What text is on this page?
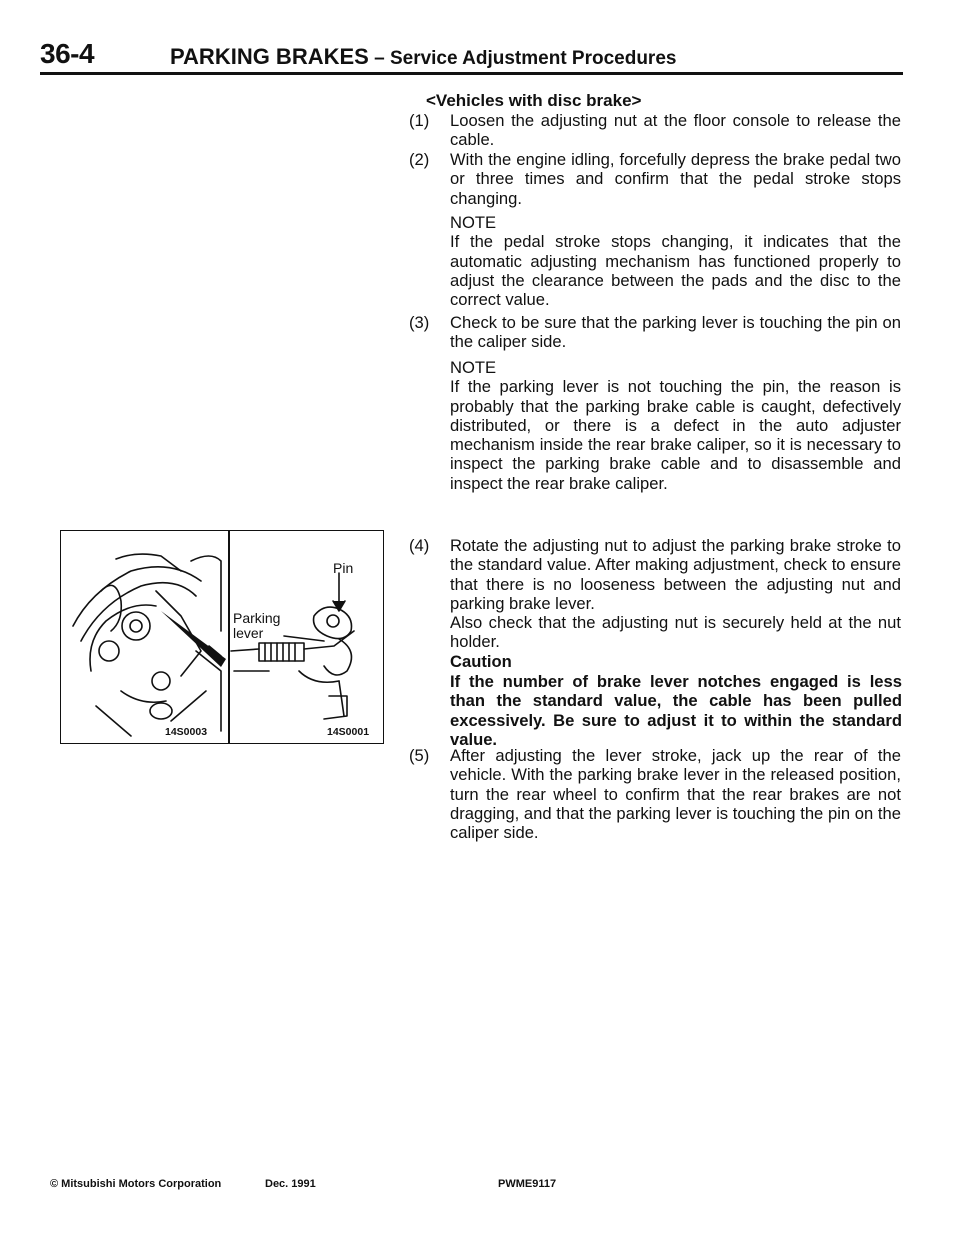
36-4	PARKING BRAKES – Service Adjustment Procedures
<Vehicles with disc brake>
(1) Loosen the adjusting nut at the floor console to release the cable.
(2) With the engine idling, forcefully depress the brake pedal two or three times and confirm that the pedal stroke stops changing.
NOTE
If the pedal stroke stops changing, it indicates that the automatic adjusting mechanism has functioned properly to adjust the clearance between the pads and the disc to the correct value.
(3) Check to be sure that the parking lever is touching the pin on the caliper side.
NOTE
If the parking lever is not touching the pin, the reason is probably that the parking brake cable is caught, defectively distributed, or there is a defect in the auto adjuster mechanism inside the rear brake caliper, so it is necessary to inspect the parking brake cable and to disassemble and inspect the rear brake caliper.
(4) Rotate the adjusting nut to adjust the parking brake stroke to the standard value. After making adjustment, check to ensure that there is no looseness between the adjusting nut and parking brake lever.
Also check that the adjusting nut is securely held at the nut holder.
Caution
If the number of brake lever notches engaged is less than the standard value, the cable has been pulled excessively. Be sure to adjust it to within the standard value.
(5) After adjusting the lever stroke, jack up the rear of the vehicle. With the parking brake lever in the released position, turn the rear wheel to confirm that the rear brakes are not dragging, and that the parking lever is touching the pin on the caliper side.
Pin
Parking
lever
14S0003	14S0001
© Mitsubishi Motors Corporation	Dec. 1991	PWME9117
